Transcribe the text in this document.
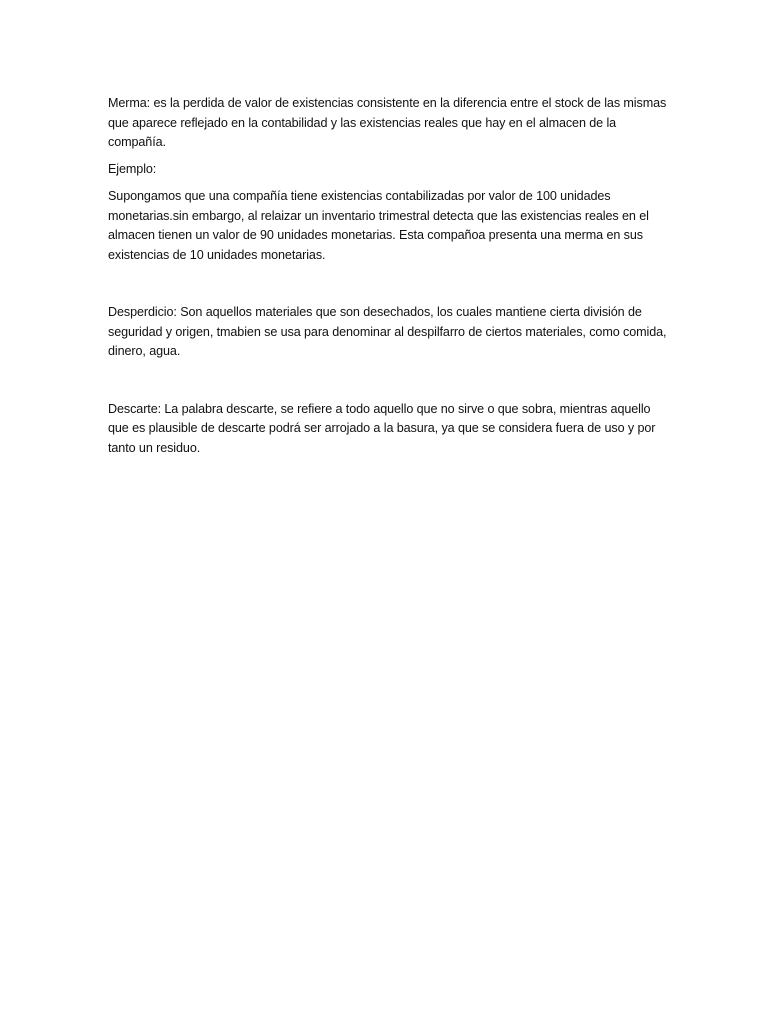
Merma: es la perdida de valor de existencias consistente en la diferencia entre el stock de las mismas que aparece reflejado en la contabilidad y las existencias reales que hay en el almacen de la compañía.

Ejemplo:

Supongamos que una compañía tiene existencias contabilizadas por valor de 100 unidades monetarias.sin embargo, al relaizar un inventario trimestral detecta que las existencias reales en el almacen tienen un valor de 90 unidades monetarias. Esta compañoa presenta una merma en sus existencias de 10 unidades monetarias.

Desperdicio: Son aquellos materiales que son desechados, los cuales mantiene cierta división de seguridad y origen, tmabien se usa para denominar al despilfarro de ciertos materiales, como comida, dinero, agua.

Descarte: La palabra descarte, se refiere a todo aquello que no sirve o que sobra, mientras aquello que es plausible de descarte podrá ser arrojado a la basura, ya que se considera fuera de uso y por tanto un residuo.
